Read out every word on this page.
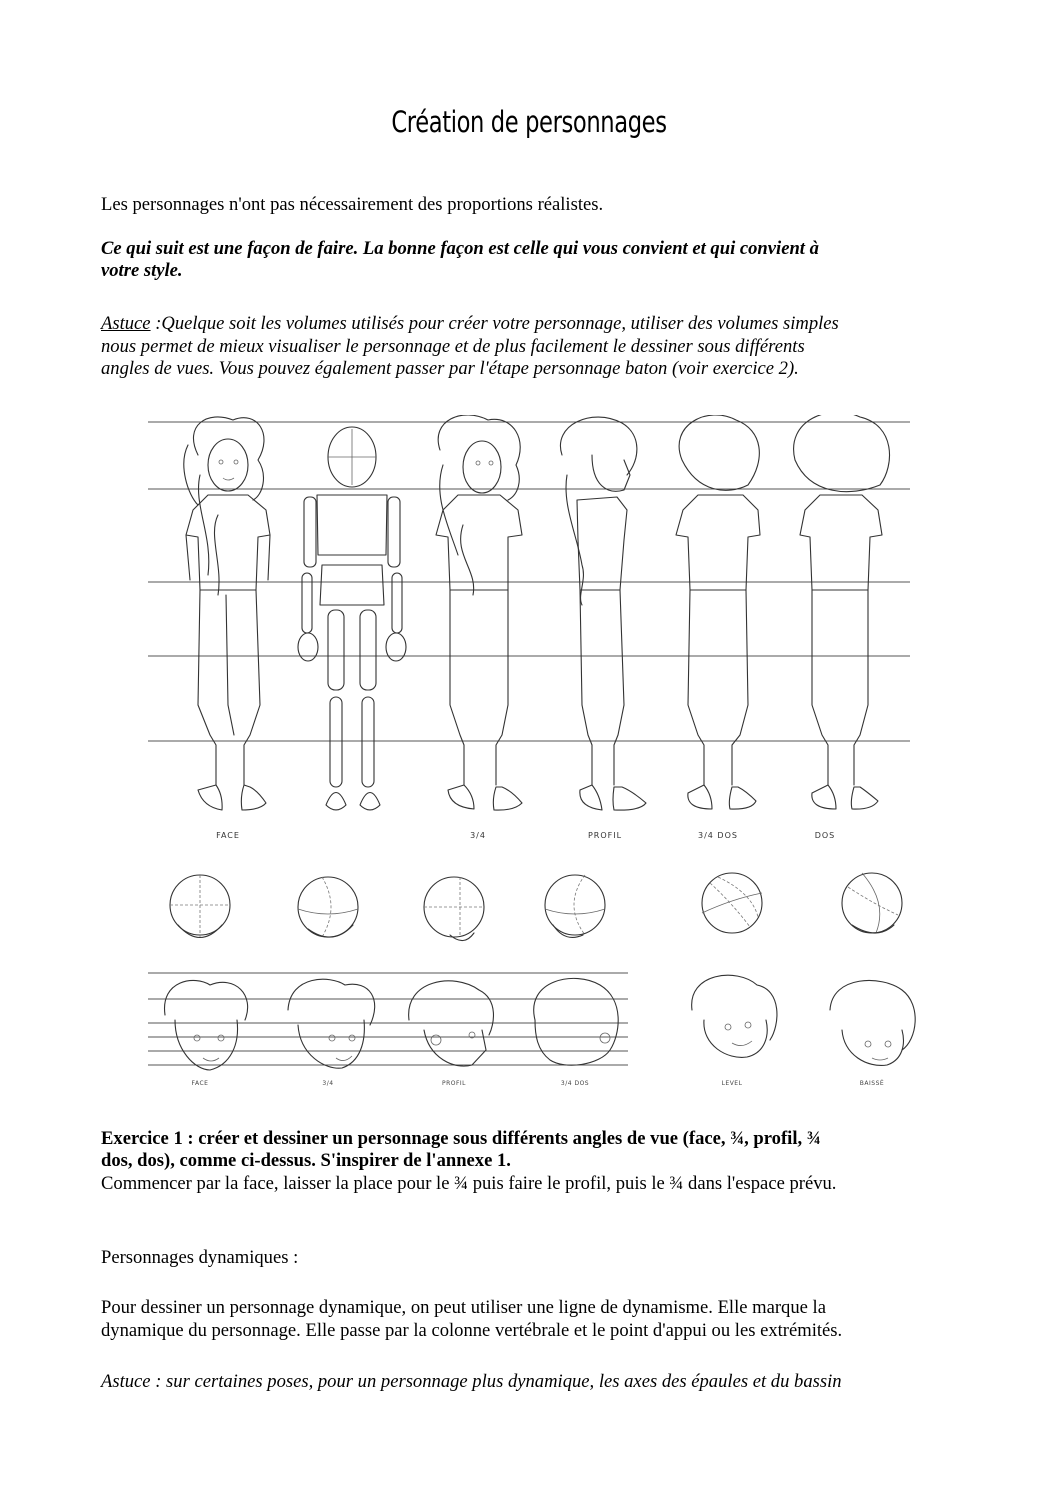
Création de personnages

Les personnages n'ont pas nécessairement des proportions réalistes.

Ce qui suit est une façon de faire. La bonne façon est celle qui vous convient et qui convient à

votre style.

Astuce :Quelque soit les volumes utilisés pour créer votre personnage, utiliser des volumes simples

nous permet de mieux visualiser le personnage et de plus facilement le dessiner sous différents

angles de vues. Vous pouvez également passer par l'étape personnage baton (voir exercice 2).

FACE	3/4	PROFIL	3/4 DOS	DOS
FACE	3/4	PROFIL	3/4 DOS	LEVEL	BAISSÉ

Exercice 1 : créer et dessiner un personnage sous différents angles de vue (face, ¾, profil, ¾

dos, dos), comme ci-dessus. S'inspirer de l'annexe 1.

Commencer par la face, laisser la place pour le ¾ puis faire le profil, puis le ¾ dans l'espace prévu.

Personnages dynamiques :

Pour dessiner un personnage dynamique, on peut utiliser une ligne de dynamisme. Elle marque la

dynamique du personnage. Elle passe par la colonne vertébrale et le point d'appui ou les extrémités.

Astuce : sur certaines poses, pour un personnage plus dynamique, les axes des épaules et du bassin
